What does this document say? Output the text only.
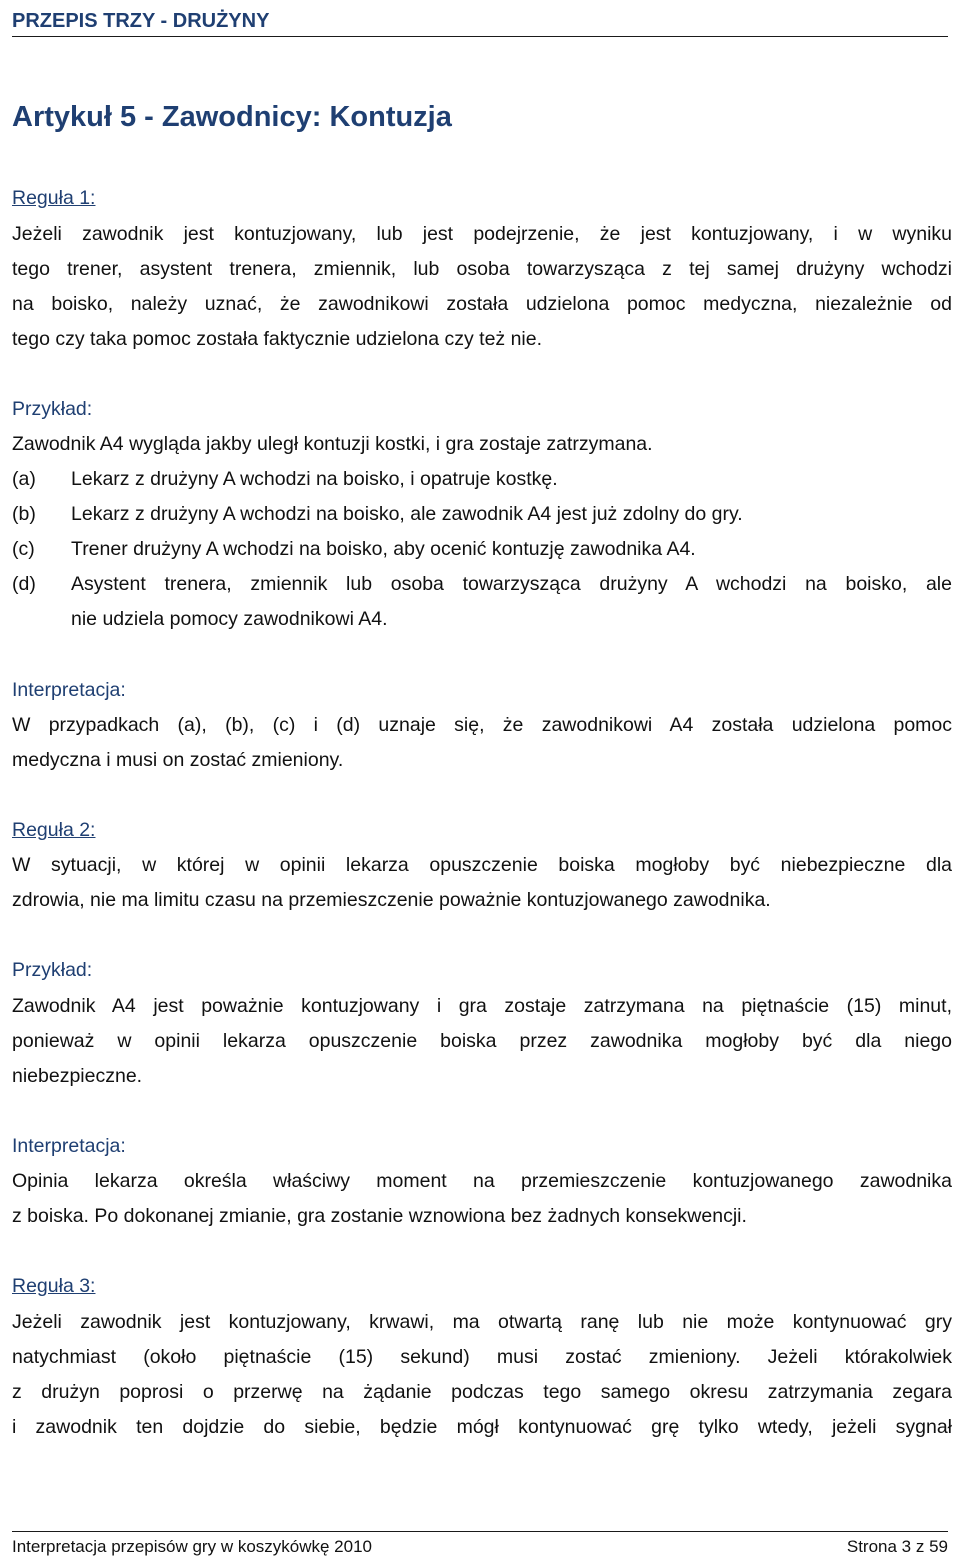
PRZEPIS TRZY - DRUŻYNY
Artykuł 5 - Zawodnicy: Kontuzja
Reguła 1:
Jeżeli zawodnik jest kontuzjowany, lub jest podejrzenie, że jest kontuzjowany, i w wyniku
tego trener, asystent trenera, zmiennik, lub osoba towarzysząca z tej samej drużyny wchodzi
na boisko, należy uznać, że zawodnikowi została udzielona pomoc medyczna, niezależnie od
tego czy taka pomoc została faktycznie udzielona czy też nie.
Przykład:
Zawodnik A4 wygląda jakby uległ kontuzji kostki, i gra zostaje zatrzymana.
(a) Lekarz z drużyny A wchodzi na boisko, i opatruje kostkę.
(b) Lekarz z drużyny A wchodzi na boisko, ale zawodnik A4 jest już zdolny do gry.
(c) Trener drużyny A wchodzi na boisko, aby ocenić kontuzję zawodnika A4.
(d) Asystent trenera, zmiennik lub osoba towarzysząca drużyny A wchodzi na boisko, ale
nie udziela pomocy zawodnikowi A4.
Interpretacja:
W przypadkach (a), (b), (c) i (d) uznaje się, że zawodnikowi A4 została udzielona pomoc
medyczna i musi on zostać zmieniony.
Reguła 2:
W sytuacji, w której w opinii lekarza opuszczenie boiska mogłoby być niebezpieczne dla
zdrowia, nie ma limitu czasu na przemieszczenie poważnie kontuzjowanego zawodnika.
Przykład:
Zawodnik A4 jest poważnie kontuzjowany i gra zostaje zatrzymana na piętnaście (15) minut,
ponieważ w opinii lekarza opuszczenie boiska przez zawodnika mogłoby być dla niego
niebezpieczne.
Interpretacja:
Opinia lekarza określa właściwy moment na przemieszczenie kontuzjowanego zawodnika
z boiska. Po dokonanej zmianie, gra zostanie wznowiona bez żadnych konsekwencji.
Reguła 3:
Jeżeli zawodnik jest kontuzjowany, krwawi, ma otwartą ranę lub nie może kontynuować gry
natychmiast (około piętnaście (15) sekund) musi zostać zmieniony. Jeżeli którakolwiek
z drużyn poprosi o przerwę na żądanie podczas tego samego okresu zatrzymania zegara
i zawodnik ten dojdzie do siebie, będzie mógł kontynuować grę tylko wtedy, jeżeli sygnał
Interpretacja przepisów gry w koszykówkę 2010	Strona 3 z 59
